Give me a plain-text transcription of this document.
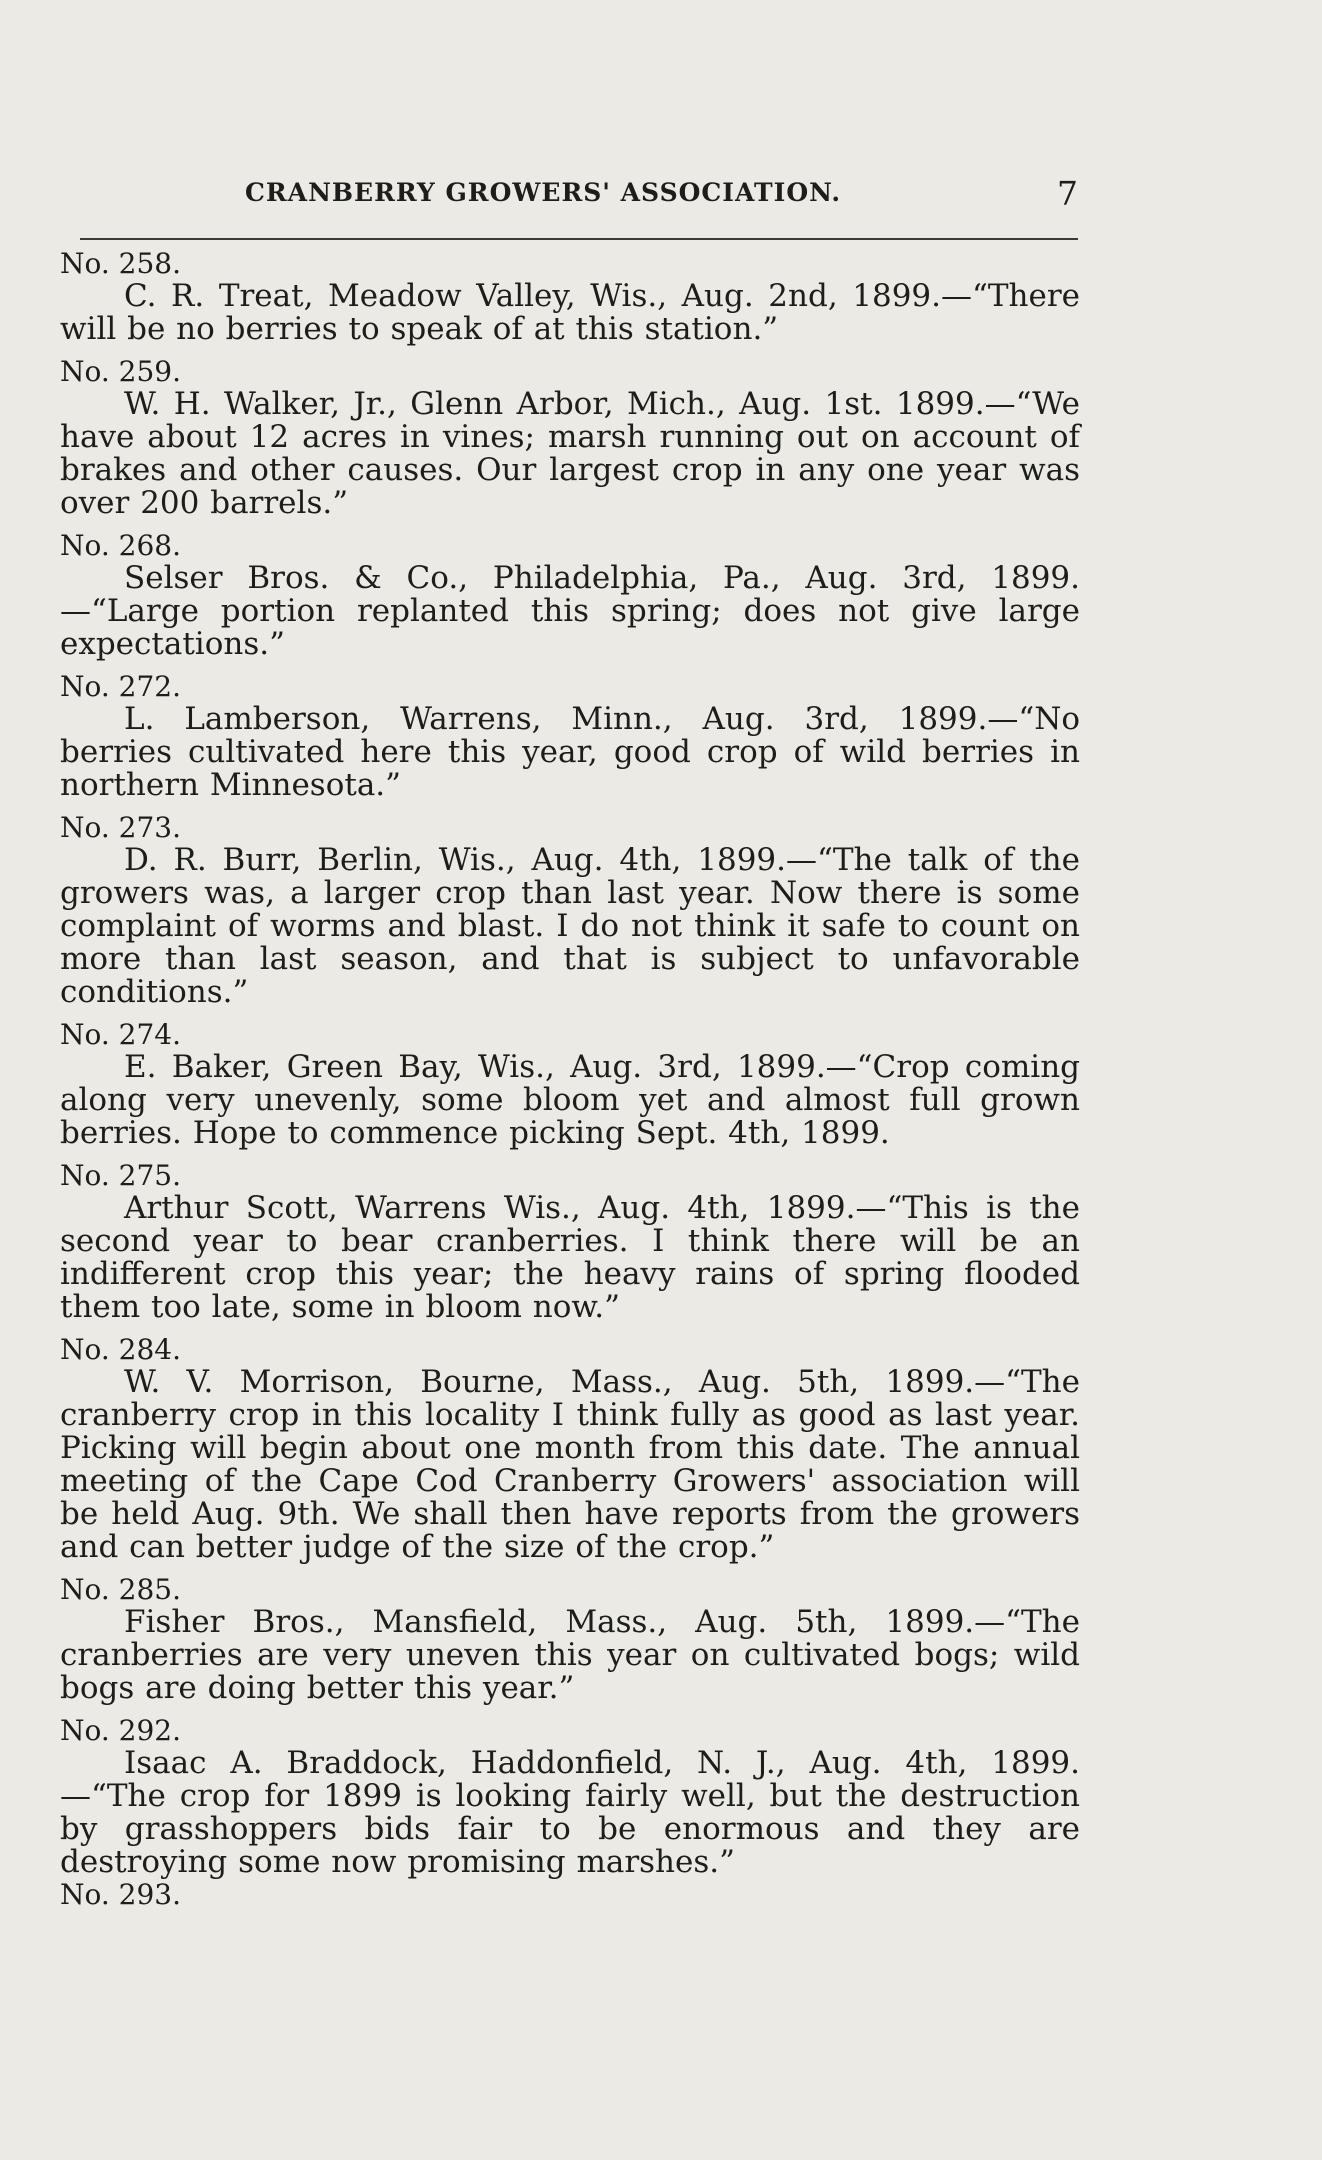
CRANBERRY GROWERS' ASSOCIATION.	7
No. 258.

C. R. Treat, Meadow Valley, Wis., Aug. 2nd, 1899.—“There will be no berries to speak of at this station.”

No. 259.

W. H. Walker, Jr., Glenn Arbor, Mich., Aug. 1st. 1899.—“We have about 12 acres in vines; marsh running out on account of brakes and other causes. Our largest crop in any one year was over 200 barrels.”

No. 268.

Selser Bros. & Co., Philadelphia, Pa., Aug. 3rd, 1899.—“Large portion replanted this spring; does not give large expectations.”

No. 272.

L. Lamberson, Warrens, Minn., Aug. 3rd, 1899.—“No berries cultivated here this year, good crop of wild berries in northern Minnesota.”

No. 273.

D. R. Burr, Berlin, Wis., Aug. 4th, 1899.—“The talk of the growers was, a larger crop than last year. Now there is some complaint of worms and blast. I do not think it safe to count on more than last season, and that is subject to unfavorable conditions.”

No. 274.

E. Baker, Green Bay, Wis., Aug. 3rd, 1899.—“Crop coming along very unevenly, some bloom yet and almost full grown berries. Hope to commence picking Sept. 4th, 1899.

No. 275.

Arthur Scott, Warrens Wis., Aug. 4th, 1899.—“This is the second year to bear cranberries. I think there will be an indifferent crop this year; the heavy rains of spring flooded them too late, some in bloom now.”

No. 284.

W. V. Morrison, Bourne, Mass., Aug. 5th, 1899.—“The cranberry crop in this locality I think fully as good as last year. Picking will begin about one month from this date. The annual meeting of the Cape Cod Cranberry Growers' association will be held Aug. 9th. We shall then have reports from the growers and can better judge of the size of the crop.”

No. 285.

Fisher Bros., Mansfield, Mass., Aug. 5th, 1899.—“The cranberries are very uneven this year on cultivated bogs; wild bogs are doing better this year.”

No. 292.

Isaac A. Braddock, Haddonfield, N. J., Aug. 4th, 1899.—“The crop for 1899 is looking fairly well, but the destruction by grasshoppers bids fair to be enormous and they are destroying some now promising marshes.”

No. 293.
